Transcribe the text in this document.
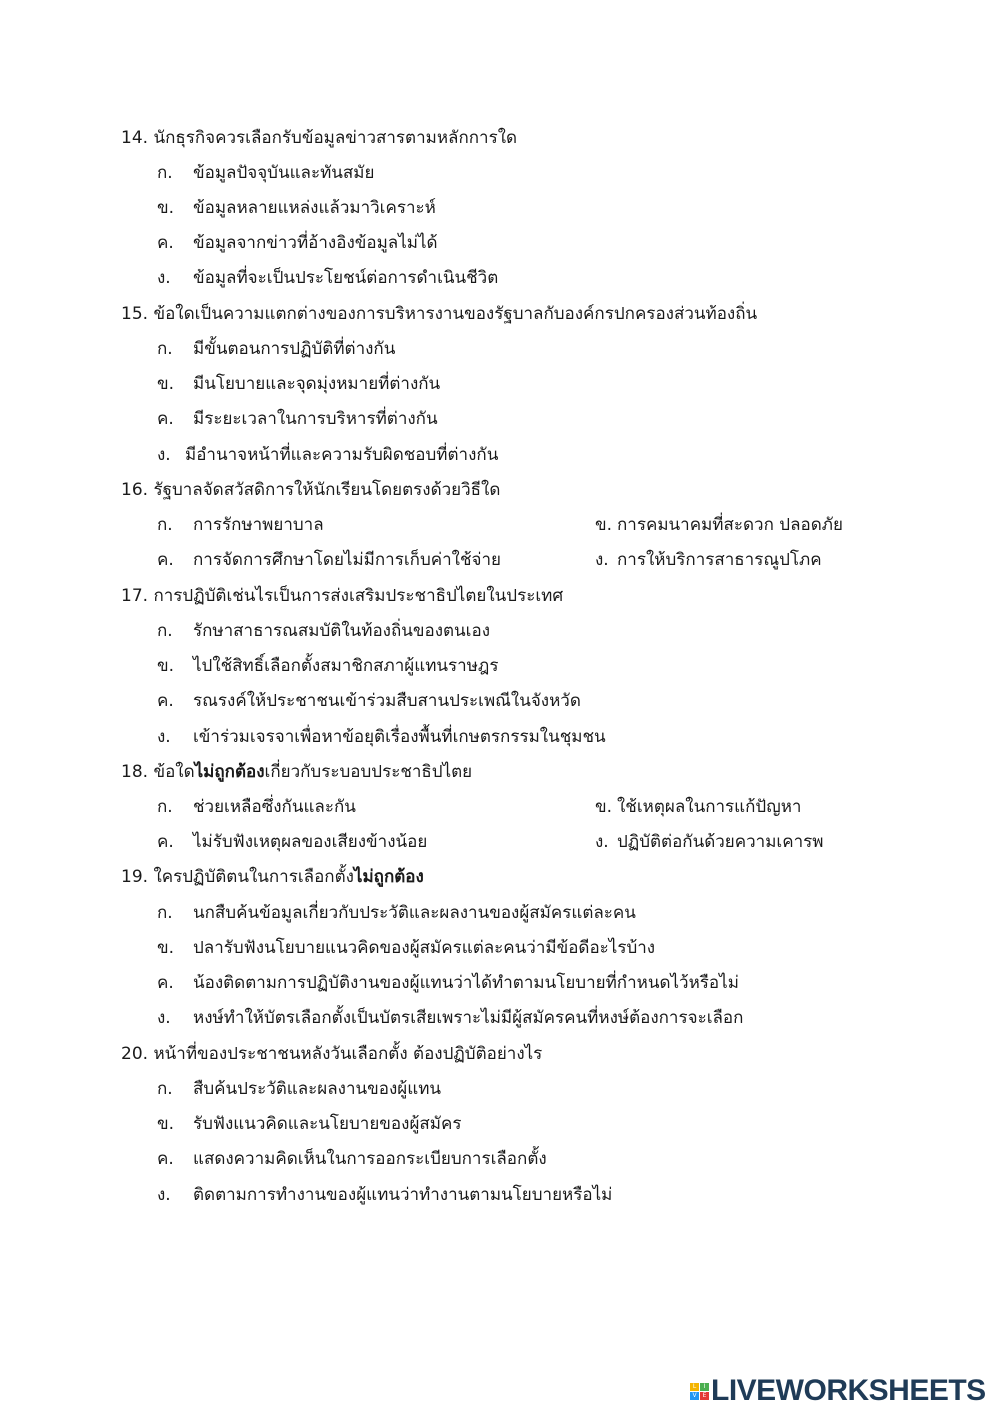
14. นักธุรกิจควรเลือกรับข้อมูลข่าวสารตามหลักการใด
ก. ข้อมูลปัจจุบันและทันสมัย
ข. ข้อมูลหลายแหล่งแล้วมาวิเคราะห์
ค. ข้อมูลจากข่าวที่อ้างอิงข้อมูลไม่ได้
ง. ข้อมูลที่จะเป็นประโยชน์ต่อการดำเนินชีวิต
15. ข้อใดเป็นความแตกต่างของการบริหารงานของรัฐบาลกับองค์กรปกครองส่วนท้องถิ่น
ก. มีขั้นตอนการปฏิบัติที่ต่างกัน
ข. มีนโยบายและจุดมุ่งหมายที่ต่างกัน
ค. มีระยะเวลาในการบริหารที่ต่างกัน
ง. มีอำนาจหน้าที่และความรับผิดชอบที่ต่างกัน
16. รัฐบาลจัดสวัสดิการให้นักเรียนโดยตรงด้วยวิธีใด
ก. การรักษาพยาบาล	ข. การคมนาคมที่สะดวก ปลอดภัย
ค. การจัดการศึกษาโดยไม่มีการเก็บค่าใช้จ่าย	ง. การให้บริการสาธารณูปโภค
17. การปฏิบัติเช่นไรเป็นการส่งเสริมประชาธิปไตยในประเทศ
ก. รักษาสาธารณสมบัติในท้องถิ่นของตนเอง
ข. ไปใช้สิทธิ์เลือกตั้งสมาชิกสภาผู้แทนราษฎร
ค. รณรงค์ให้ประชาชนเข้าร่วมสืบสานประเพณีในจังหวัด
ง. เข้าร่วมเจรจาเพื่อหาข้อยุติเรื่องพื้นที่เกษตรกรรมในชุมชน
18. ข้อใดไม่ถูกต้องเกี่ยวกับระบอบประชาธิปไตย
ก. ช่วยเหลือซึ่งกันและกัน	ข. ใช้เหตุผลในการแก้ปัญหา
ค. ไม่รับฟังเหตุผลของเสียงข้างน้อย	ง. ปฏิบัติต่อกันด้วยความเคารพ
19. ใครปฏิบัติตนในการเลือกตั้งไม่ถูกต้อง
ก. นกสืบค้นข้อมูลเกี่ยวกับประวัติและผลงานของผู้สมัครแต่ละคน
ข. ปลารับฟังนโยบายแนวคิดของผู้สมัครแต่ละคนว่ามีข้อดีอะไรบ้าง
ค. น้องติดตามการปฏิบัติงานของผู้แทนว่าได้ทำตามนโยบายที่กำหนดไว้หรือไม่
ง. หงษ์ทำให้บัตรเลือกตั้งเป็นบัตรเสียเพราะไม่มีผู้สมัครคนที่หงษ์ต้องการจะเลือก
20. หน้าที่ของประชาชนหลังวันเลือกตั้ง ต้องปฏิบัติอย่างไร
ก. สืบค้นประวัติและผลงานของผู้แทน
ข. รับฟังแนวคิดและนโยบายของผู้สมัคร
ค. แสดงความคิดเห็นในการออกระเบียบการเลือกตั้ง
ง. ติดตามการทำงานของผู้แทนว่าทำงานตามนโยบายหรือไม่
L	I
V	E LIVEWORKSHEETS
